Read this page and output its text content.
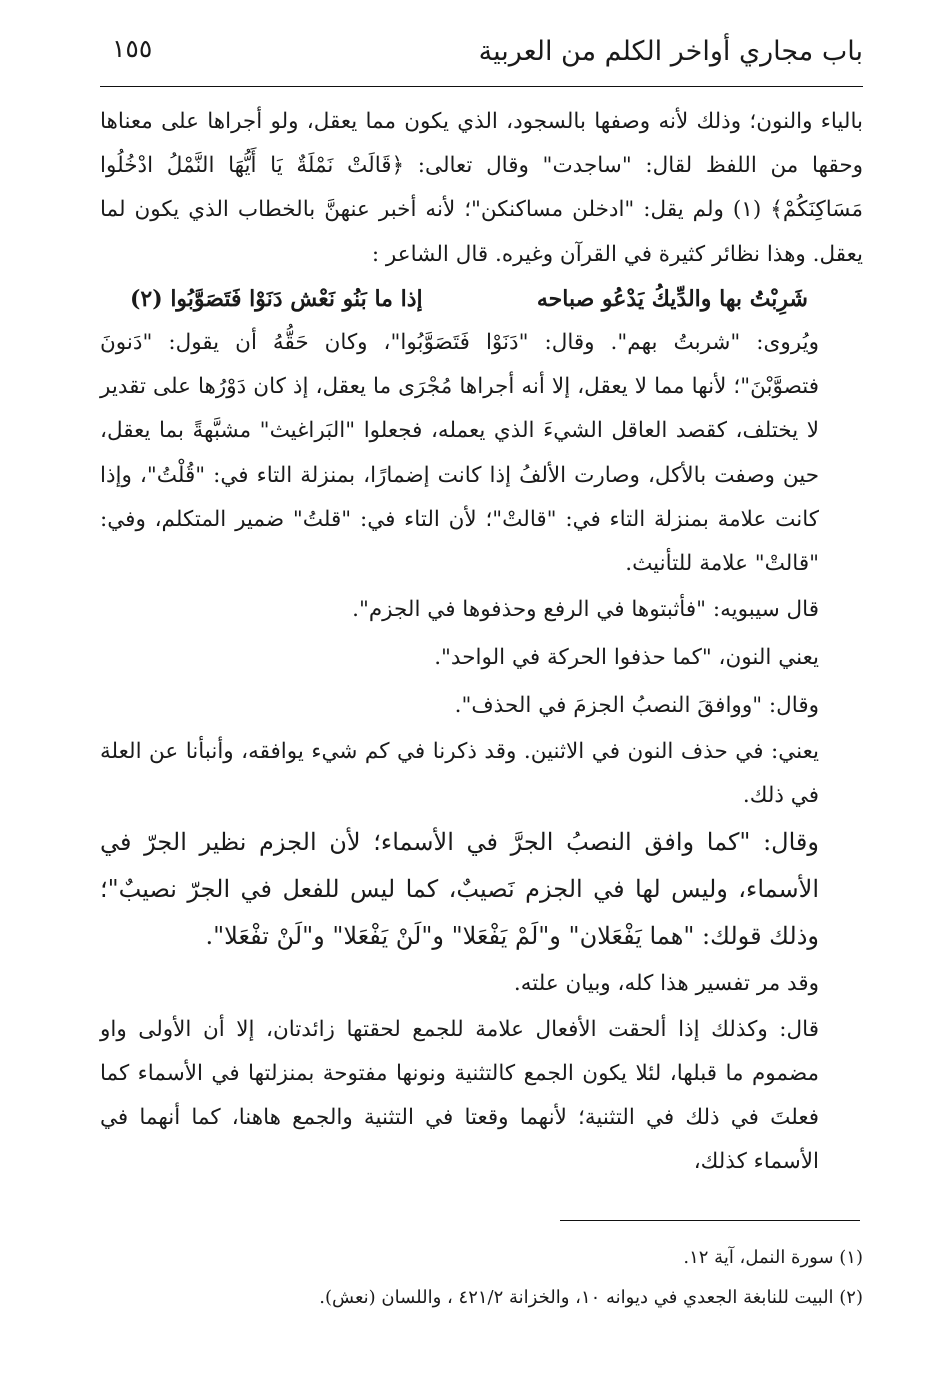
١٥٥	باب مجاري أواخر الكلم من العربية

بالياء والنون؛ وذلك لأنه وصفها بالسجود، الذي يكون مما يعقل، ولو أجراها على معناها وحقها من اللفظ لقال: "ساجدت" وقال تعالى: ﴿قَالَتْ نَمْلَةٌ يَا أَيُّهَا النَّمْلُ ادْخُلُوا مَسَاكِنَكُمْ﴾ (١) ولم يقل: "ادخلن مساكنكن"؛ لأنه أخبر عنهنَّ بالخطاب الذي يكون لما يعقل. وهذا نظائر كثيرة في القرآن وغيره. قال الشاعر :

شَرِبْتُ بها والدِّيكُ يَدْعُو صباحه
إذا ما بَنُو نَعْش دَنَوْا فَتَصَوَّبُوا (٢)

ويُروى: "شربتُ بهم". وقال: "دَنَوْا فَتَصَوَّبُوا"، وكان حَقُّهُ أن يقول: "دَنونَ فتصوَّبْنَ"؛ لأنها مما لا يعقل، إلا أنه أجراها مُجْرَى ما يعقل، إذ كان دَوْرُها على تقدير لا يختلف، كقصد العاقل الشيءَ الذي يعمله، فجعلوا "البَراغيث" مشبَّهةً بما يعقل، حين وصفت بالأكل، وصارت الألفُ إذا كانت إضمارًا، بمنزلة التاء في: "قُلْتُ"، وإذا كانت علامة بمنزلة التاء في: "قالتْ"؛ لأن التاء في: "قلتُ" ضمير المتكلم، وفي: "قالتْ" علامة للتأنيث.

قال سيبويه: "فأثبتوها في الرفع وحذفوها في الجزم".

يعني النون، "كما حذفوا الحركة في الواحد".

وقال: "ووافقَ النصبُ الجزمَ في الحذف".

يعني: في حذف النون في الاثنين. وقد ذكرنا في كم شيء يوافقه، وأنبأنا عن العلة في ذلك.

وقال: "كما وافق النصبُ الجرَّ في الأسماء؛ لأن الجزم نظير الجرّ في الأسماء، وليس لها في الجزم نَصيبٌ، كما ليس للفعل في الجرّ نصيبٌ"؛ وذلك قولك: "هما يَفْعَلان" و"لَمْ يَفْعَلا" و"لَنْ يَفْعَلا" و"لَنْ تفْعَلا".

وقد مر تفسير هذا كله، وبيان علته.

قال: وكذلك إذا ألحقت الأفعال علامة للجمع لحقتها زائدتان، إلا أن الأولى واو مضموم ما قبلها، لئلا يكون الجمع كالتثنية ونونها مفتوحة بمنزلتها في الأسماء كما فعلتَ في ذلك في التثنية؛ لأنهما وقعتا في التثنية والجمع هاهنا، كما أنهما في الأسماء كذلك،

(١) سورة النمل، آية ١٢.

(٢) البيت للنابغة الجعدي في ديوانه ١٠، والخزانة ٤٢١/٢ ، واللسان (نعش).
